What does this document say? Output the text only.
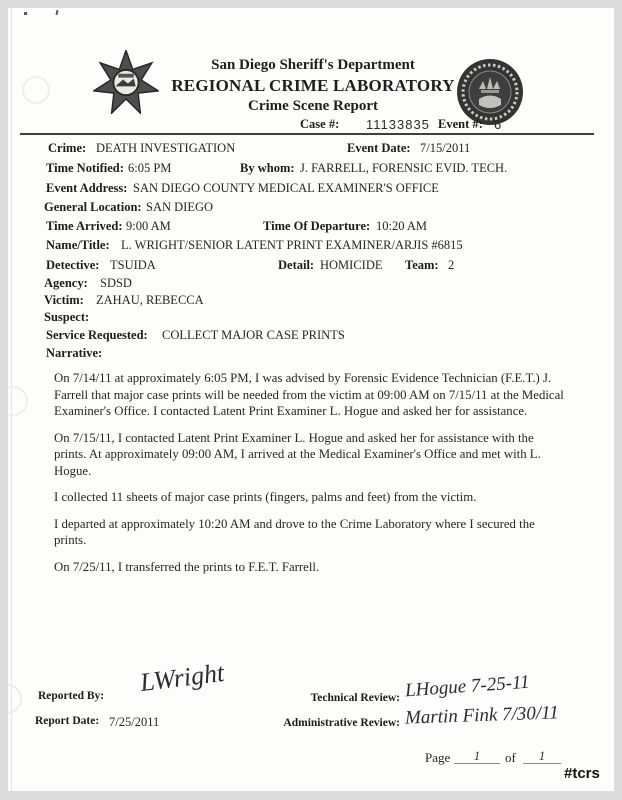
San Diego Sheriff's Department
REGIONAL CRIME LABORATORY
Crime Scene Report
Case #: 11133835 Event #: 6
Crime: DEATH INVESTIGATION	Event Date: 7/15/2011
Time Notified: 6:05 PM	By whom: J. FARRELL, FORENSIC EVID. TECH.
Event Address: SAN DIEGO COUNTY MEDICAL EXAMINER'S OFFICE
General Location: SAN DIEGO
Time Arrived: 9:00 AM	Time Of Departure: 10:20 AM
Name/Title: L. WRIGHT/SENIOR LATENT PRINT EXAMINER/ARJIS #6815
Detective: TSUIDA	Detail: HOMICIDE Team: 2
Agency: SDSD
Victim: ZAHAU, REBECCA
Suspect:
Service Requested: COLLECT MAJOR CASE PRINTS
Narrative:

On 7/14/11 at approximately 6:05 PM, I was advised by Forensic Evidence Technician (F.E.T.) J. Farrell that major case prints will be needed from the victim at 09:00 AM on 7/15/11 at the Medical Examiner's Office. I contacted Latent Print Examiner L. Hogue and asked her for assistance.

On 7/15/11, I contacted Latent Print Examiner L. Hogue and asked her for assistance with the prints. At approximately 09:00 AM, I arrived at the Medical Examiner's Office and met with L. Hogue.

I collected 11 sheets of major case prints (fingers, palms and feet) from the victim.

I departed at approximately 10:20 AM and drove to the Crime Laboratory where I secured the prints.

On 7/25/11, I transferred the prints to F.E.T. Farrell.

Reported By: LWright
Report Date: 7/25/2011
Technical Review: LHogue 7-25-11
Administrative Review: Martin Fink 7/30/11
Page	1	of	1
#tcrs
